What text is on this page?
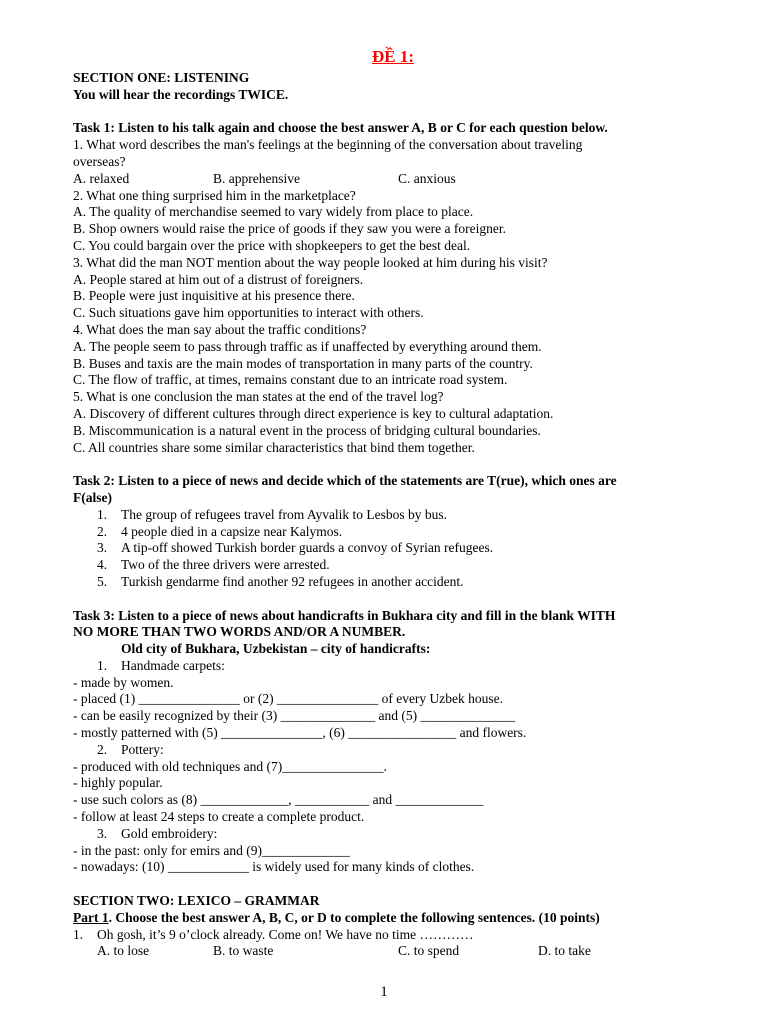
ĐỀ 1:
SECTION ONE: LISTENING
You will hear the recordings TWICE.
Task 1: Listen to his talk again and choose the best answer A, B or C for each question below.
1. What word describes the man's feelings at the beginning of the conversation about traveling
overseas?
A. relaxed	B. apprehensive	C. anxious
2. What one thing surprised him in the marketplace?
A. The quality of merchandise seemed to vary widely from place to place.
B. Shop owners would raise the price of goods if they saw you were a foreigner.
C. You could bargain over the price with shopkeepers to get the best deal.
3. What did the man NOT mention about the way people looked at him during his visit?
A. People stared at him out of a distrust of foreigners.
B. People were just inquisitive at his presence there.
C. Such situations gave him opportunities to interact with others.
4. What does the man say about the traffic conditions?
A. The people seem to pass through traffic as if unaffected by everything around them.
B. Buses and taxis are the main modes of transportation in many parts of the country.
C. The flow of traffic, at times, remains constant due to an intricate road system.
5. What is one conclusion the man states at the end of the travel log?
A. Discovery of different cultures through direct experience is key to cultural adaptation.
B. Miscommunication is a natural event in the process of bridging cultural boundaries.
C. All countries share some similar characteristics that bind them together.
Task 2: Listen to a piece of news and decide which of the statements are T(rue), which ones are
F(alse)
1. The group of refugees travel from Ayvalik to Lesbos by bus.
2. 4 people died in a capsize near Kalymos.
3. A tip-off showed Turkish border guards a convoy of Syrian refugees.
4. Two of the three drivers were arrested.
5. Turkish gendarme find another 92 refugees in another accident.
Task 3: Listen to a piece of news about handicrafts in Bukhara city and fill in the blank WITH
NO MORE THAN TWO WORDS AND/OR A NUMBER.
Old city of Bukhara, Uzbekistan – city of handicrafts:
1. Handmade carpets:
- made by women.
- placed (1) _______________ or (2) _______________ of every Uzbek house.
- can be easily recognized by their (3) ______________ and (5) ______________
- mostly patterned with (5) _______________, (6) ________________ and flowers.
2. Pottery:
- produced with old techniques and (7)_______________.
- highly popular.
- use such colors as (8) _____________, ___________ and _____________
- follow at least 24 steps to create a complete product.
3. Gold embroidery:
- in the past: only for emirs and (9)_____________
- nowadays: (10) ____________ is widely used for many kinds of clothes.
SECTION TWO: LEXICO – GRAMMAR
Part 1. Choose the best answer A, B, C, or D to complete the following sentences. (10 points)
1. Oh gosh, it’s 9 o’clock already. Come on! We have no time …………
A. to lose	B. to waste	C. to spend	D. to take
1
